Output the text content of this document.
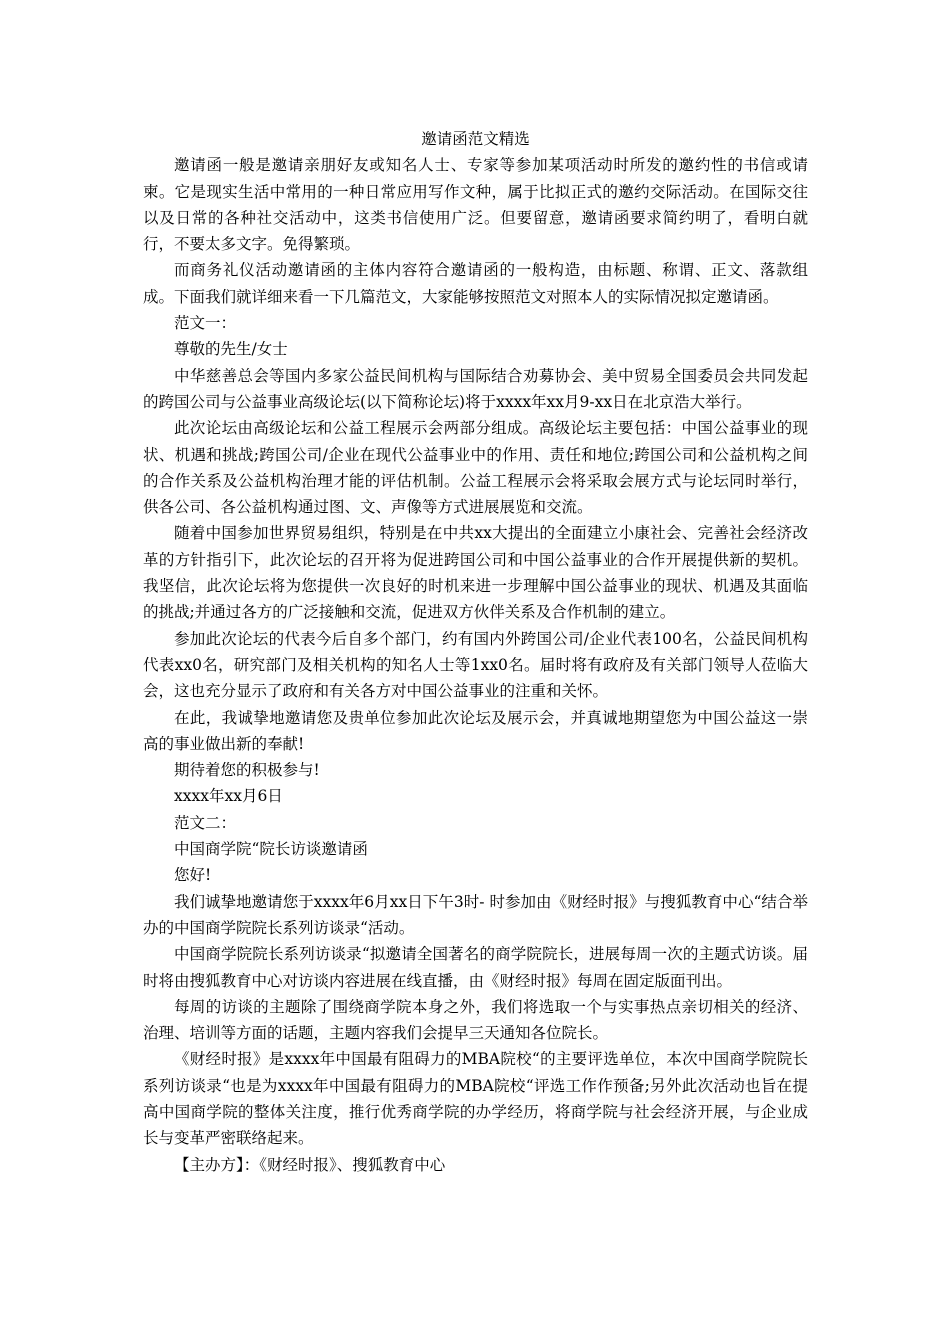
邀请函范文精选

邀请函一般是邀请亲朋好友或知名人士、专家等参加某项活动时所发的邀约性的书信或请柬。它是现实生活中常用的一种日常应用写作文种，属于比拟正式的邀约交际活动。在国际交往以及日常的各种社交活动中，这类书信使用广泛。但要留意，邀请函要求简约明了，看明白就行，不要太多文字。免得繁琐。

而商务礼仪活动邀请函的主体内容符合邀请函的一般构造，由标题、称谓、正文、落款组成。下面我们就详细来看一下几篇范文，大家能够按照范文对照本人的实际情况拟定邀请函。

范文一：

尊敬的先生/女士

中华慈善总会等国内多家公益民间机构与国际结合劝募协会、美中贸易全国委员会共同发起的跨国公司与公益事业高级论坛(以下简称论坛)将于xxxx年xx月9-xx日在北京浩大举行。

此次论坛由高级论坛和公益工程展示会两部分组成。高级论坛主要包括：中国公益事业的现状、机遇和挑战;跨国公司/企业在现代公益事业中的作用、责任和地位;跨国公司和公益机构之间的合作关系及公益机构治理才能的评估机制。公益工程展示会将采取会展方式与论坛同时举行，供各公司、各公益机构通过图、文、声像等方式进展展览和交流。

随着中国参加世界贸易组织，特别是在中共xx大提出的全面建立小康社会、完善社会经济改革的方针指引下，此次论坛的召开将为促进跨国公司和中国公益事业的合作开展提供新的契机。我坚信，此次论坛将为您提供一次良好的时机来进一步理解中国公益事业的现状、机遇及其面临的挑战;并通过各方的广泛接触和交流，促进双方伙伴关系及合作机制的建立。

参加此次论坛的代表今后自多个部门，约有国内外跨国公司/企业代表100名，公益民间机构代表xx0名，研究部门及相关机构的知名人士等1xx0名。届时将有政府及有关部门领导人莅临大会，这也充分显示了政府和有关各方对中国公益事业的注重和关怀。

在此，我诚挚地邀请您及贵单位参加此次论坛及展示会，并真诚地期望您为中国公益这一崇高的事业做出新的奉献!

期待着您的积极参与!

xxxx年xx月6日

范文二：

中国商学院“院长访谈邀请函

您好!

我们诚挚地邀请您于xxxx年6月xx日下午3时- 时参加由《财经时报》与搜狐教育中心“结合举办的中国商学院院长系列访谈录“活动。

中国商学院院长系列访谈录“拟邀请全国著名的商学院院长，进展每周一次的主题式访谈。届时将由搜狐教育中心对访谈内容进展在线直播，由《财经时报》每周在固定版面刊出。

每周的访谈的主题除了围绕商学院本身之外，我们将选取一个与实事热点亲切相关的经济、治理、培训等方面的话题，主题内容我们会提早三天通知各位院长。

《财经时报》是xxxx年中国最有阻碍力的MBA院校“的主要评选单位，本次中国商学院院长系列访谈录“也是为xxxx年中国最有阻碍力的MBA院校“评选工作作预备;另外此次活动也旨在提高中国商学院的整体关注度，推行优秀商学院的办学经历，将商学院与社会经济开展，与企业成长与变革严密联络起来。

【主办方】：《财经时报》、搜狐教育中心
